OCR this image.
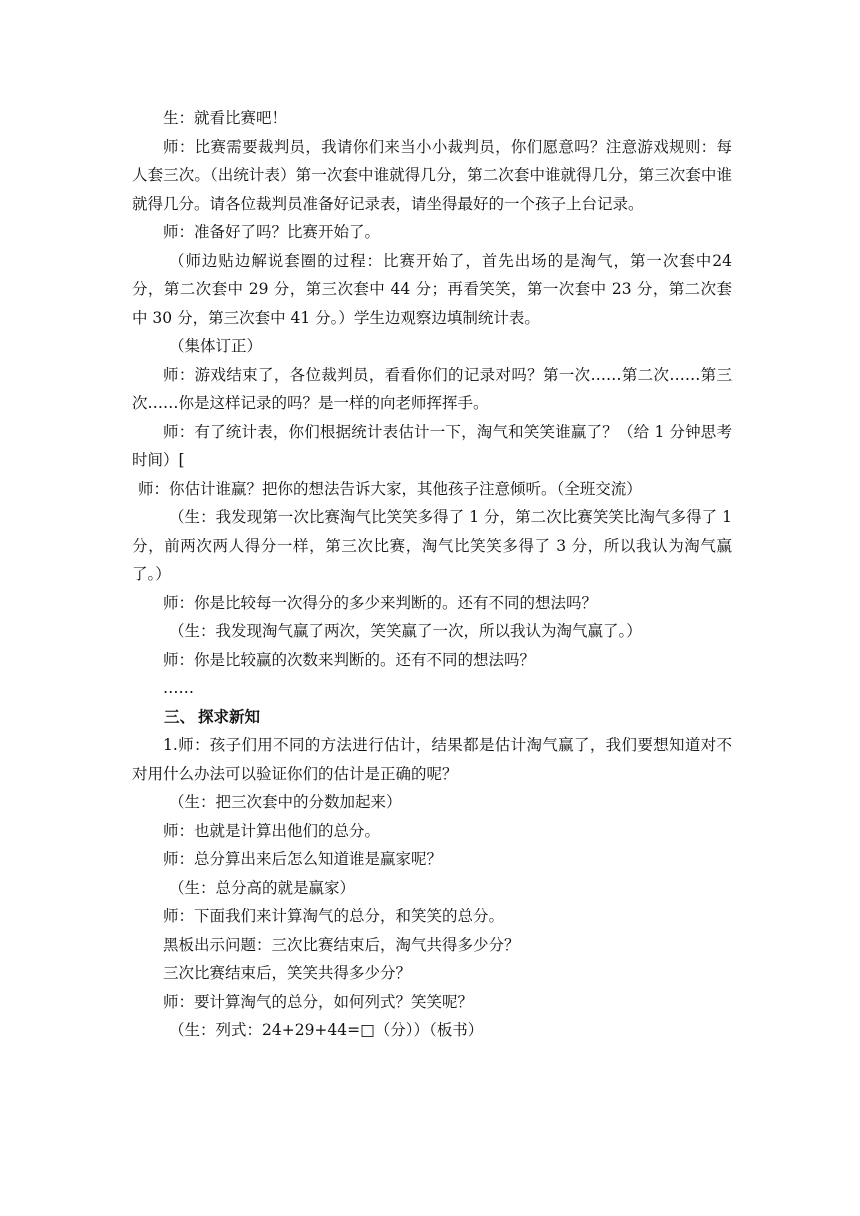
生：就看比赛吧！

师：比赛需要裁判员，我请你们来当小小裁判员，你们愿意吗？注意游戏规则：每人套三次。（出统计表）第一次套中谁就得几分，第二次套中谁就得几分，第三次套中谁就得几分。请各位裁判员准备好记录表，请坐得最好的一个孩子上台记录。

师：准备好了吗？比赛开始了。

（师边贴边解说套圈的过程：比赛开始了，首先出场的是淘气，第一次套中24 分，第二次套中 29 分，第三次套中 44 分；再看笑笑，第一次套中 23 分，第二次套中 30 分，第三次套中 41 分。）学生边观察边填制统计表。

（集体订正）

师：游戏结束了，各位裁判员，看看你们的记录对吗？第一次……第二次……第三次……你是这样记录的吗？是一样的向老师挥挥手。

师：有了统计表，你们根据统计表估计一下，淘气和笑笑谁赢了？（给 1 分钟思考时间）[

师：你估计谁赢？把你的想法告诉大家，其他孩子注意倾听。（全班交流）

（生：我发现第一次比赛淘气比笑笑多得了 1 分，第二次比赛笑笑比淘气多得了 1 分，前两次两人得分一样，第三次比赛，淘气比笑笑多得了 3 分，所以我认为淘气赢了。）

师：你是比较每一次得分的多少来判断的。还有不同的想法吗？

（生：我发现淘气赢了两次，笑笑赢了一次，所以我认为淘气赢了。）

师：你是比较赢的次数来判断的。还有不同的想法吗？

……

三、 探求新知

1.师：孩子们用不同的方法进行估计，结果都是估计淘气赢了，我们要想知道对不对用什么办法可以验证你们的估计是正确的呢？

（生：把三次套中的分数加起来）

师：也就是计算出他们的总分。

师：总分算出来后怎么知道谁是赢家呢？

（生：总分高的就是赢家）

师：下面我们来计算淘气的总分，和笑笑的总分。

黑板出示问题：三次比赛结束后，淘气共得多少分？

三次比赛结束后，笑笑共得多少分？

师：要计算淘气的总分，如何列式？笑笑呢？

（生：列式：24+29+44=□（分））（板书）
